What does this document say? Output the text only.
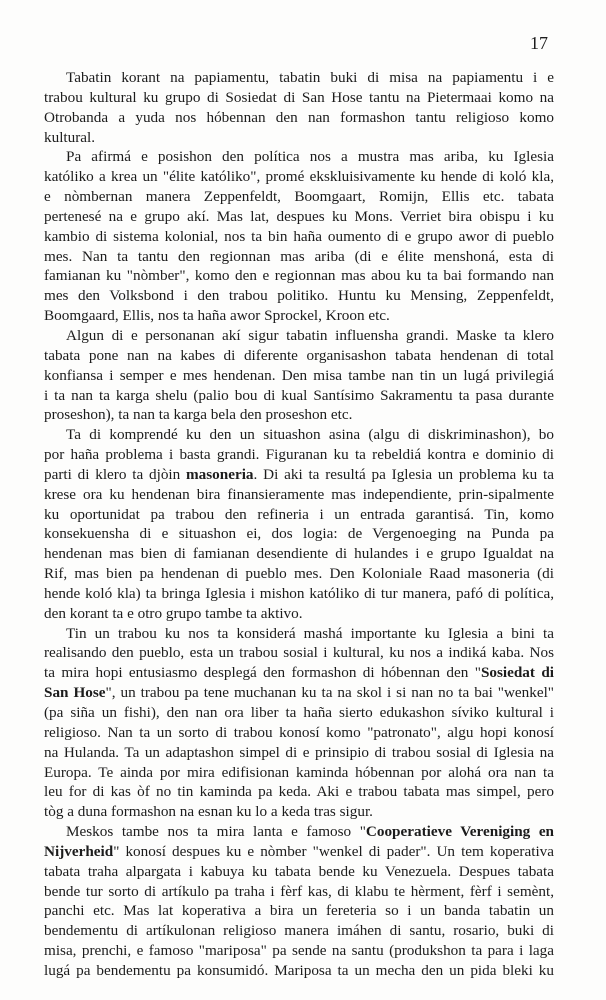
17
Tabatin korant na papiamentu, tabatin buki di misa na papiamentu i e
trabou kultural ku grupo di Sosiedat di San Hose tantu na Pietermaai komo na
Otrobanda a yuda nos hóbennan den nan formashon tantu religioso komo
kultural.
Pa afirmá e posishon den política nos a mustra mas ariba, ku Iglesia
katóliko a krea un "élite katóliko", promé ekskluisivamente ku hende di koló kla,
e nòmbernan manera Zeppenfeldt, Boomgaart, Romijn, Ellis etc. tabata
pertenesé na e grupo akí. Mas lat, despues ku Mons. Verriet bira obispu i ku
kambio di sistema kolonial, nos ta bin haña oumento di e grupo awor di pueblo
mes. Nan ta tantu den regionnan mas ariba (di e élite menshoná, esta di
famianan ku "nòmber", komo den e regionnan mas abou ku ta bai formando nan
mes den Volksbond i den trabou politiko. Huntu ku Mensing, Zeppenfeldt,
Boomgaard, Ellis, nos ta haña awor Sprockel, Kroon etc.
Algun di e personanan akí sigur tabatin influensha grandi. Maske ta klero
tabata pone nan na kabes di diferente organisashon tabata hendenan di total
konfiansa i semper e mes hendenan. Den misa tambe nan tin un lugá privilegiá
i ta nan ta karga shelu (palio bou di kual Santísimo Sakramentu ta pasa durante
proseshon), ta nan ta karga bela den proseshon etc.
Ta di komprendé ku den un situashon asina (algu di diskriminashon), bo
por haña problema i basta grandi. Figuranan ku ta rebeldiá kontra e dominio di
parti di klero ta djòin masoneria. Di aki ta resultá pa Iglesia un problema ku ta
krese ora ku hendenan bira finansieramente mas independiente, prin-sipalmente
ku oportunidat pa trabou den refineria i un entrada garantisá. Tin, komo
konsekuensha di e situashon ei, dos logia: de Vergenoeging na Punda pa
hendenan mas bien di famianan desendiente di hulandes i e grupo Igualdat na
Rif, mas bien pa hendenan di pueblo mes. Den Koloniale Raad masoneria (di
hende koló kla) ta bringa Iglesia i mishon katóliko di tur manera, pafó di política,
den korant ta e otro grupo tambe ta aktivo.
Tin un trabou ku nos ta konsiderá mashá importante ku Iglesia a bini ta
realisando den pueblo, esta un trabou sosial i kultural, ku nos a indiká kaba. Nos
ta mira hopi entusiasmo desplegá den formashon di hóbennan den "Sosiedat di
San Hose", un trabou pa tene muchanan ku ta na skol i si nan no ta bai "wenkel"
(pa siña un fishi), den nan ora liber ta haña sierto edukashon síviko kultural i
religioso. Nan ta un sorto di trabou konosí komo "patronato", algu hopi konosí
na Hulanda. Ta un adaptashon simpel di e prinsipio di trabou sosial di Iglesia na
Europa. Te ainda por mira edifisionan kaminda hóbennan por alohá ora nan ta
leu for di kas òf no tin kaminda pa keda. Aki e trabou tabata mas simpel, pero
tòg a duna formashon na esnan ku lo a keda tras sigur.
Meskos tambe nos ta mira lanta e famoso "Cooperatieve Vereniging en
Nijverheid" konosí despues ku e nòmber "wenkel di pader". Un tem koperativa
tabata traha alpargata i kabuya ku tabata bende ku Venezuela. Despues tabata
bende tur sorto di artíkulo pa traha i fèrf kas, di klabu te hèrment, fèrf i semènt,
panchi etc. Mas lat koperativa a bira un fereteria so i un banda tabatin un
bendementu di artíkulonan religioso manera imáhen di santu, rosario, buki di
misa, prenchi, e famoso "mariposa" pa sende na santu (produkshon ta para i laga
lugá pa bendementu pa konsumidó. Mariposa ta un mecha den un pida bleki ku
